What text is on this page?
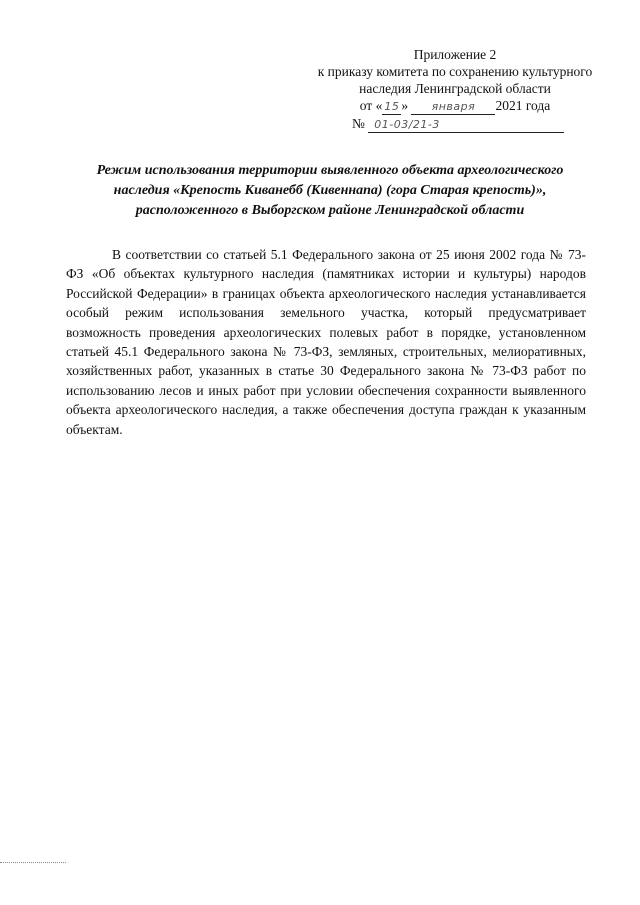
Приложение 2
к приказу комитета по сохранению культурного
наследия Ленинградской области
от « 15 » января 2021 года
№ 01-03/21-3
Режим использования территории выявленного объекта археологического наследия «Крепость Киванебб (Кивеннапа) (гора Старая крепость)», расположенного в Выборгском районе Ленинградской области
В соответствии со статьей 5.1 Федерального закона от 25 июня 2002 года № 73-ФЗ «Об объектах культурного наследия (памятниках истории и культуры) народов Российской Федерации» в границах объекта археологического наследия устанавливается особый режим использования земельного участка, который предусматривает возможность проведения археологических полевых работ в порядке, установленном статьей 45.1 Федерального закона № 73-ФЗ, земляных, строительных, мелиоративных, хозяйственных работ, указанных в статье 30 Федерального закона № 73-ФЗ работ по использованию лесов и иных работ при условии обеспечения сохранности выявленного объекта археологического наследия, а также обеспечения доступа граждан к указанным объектам.
